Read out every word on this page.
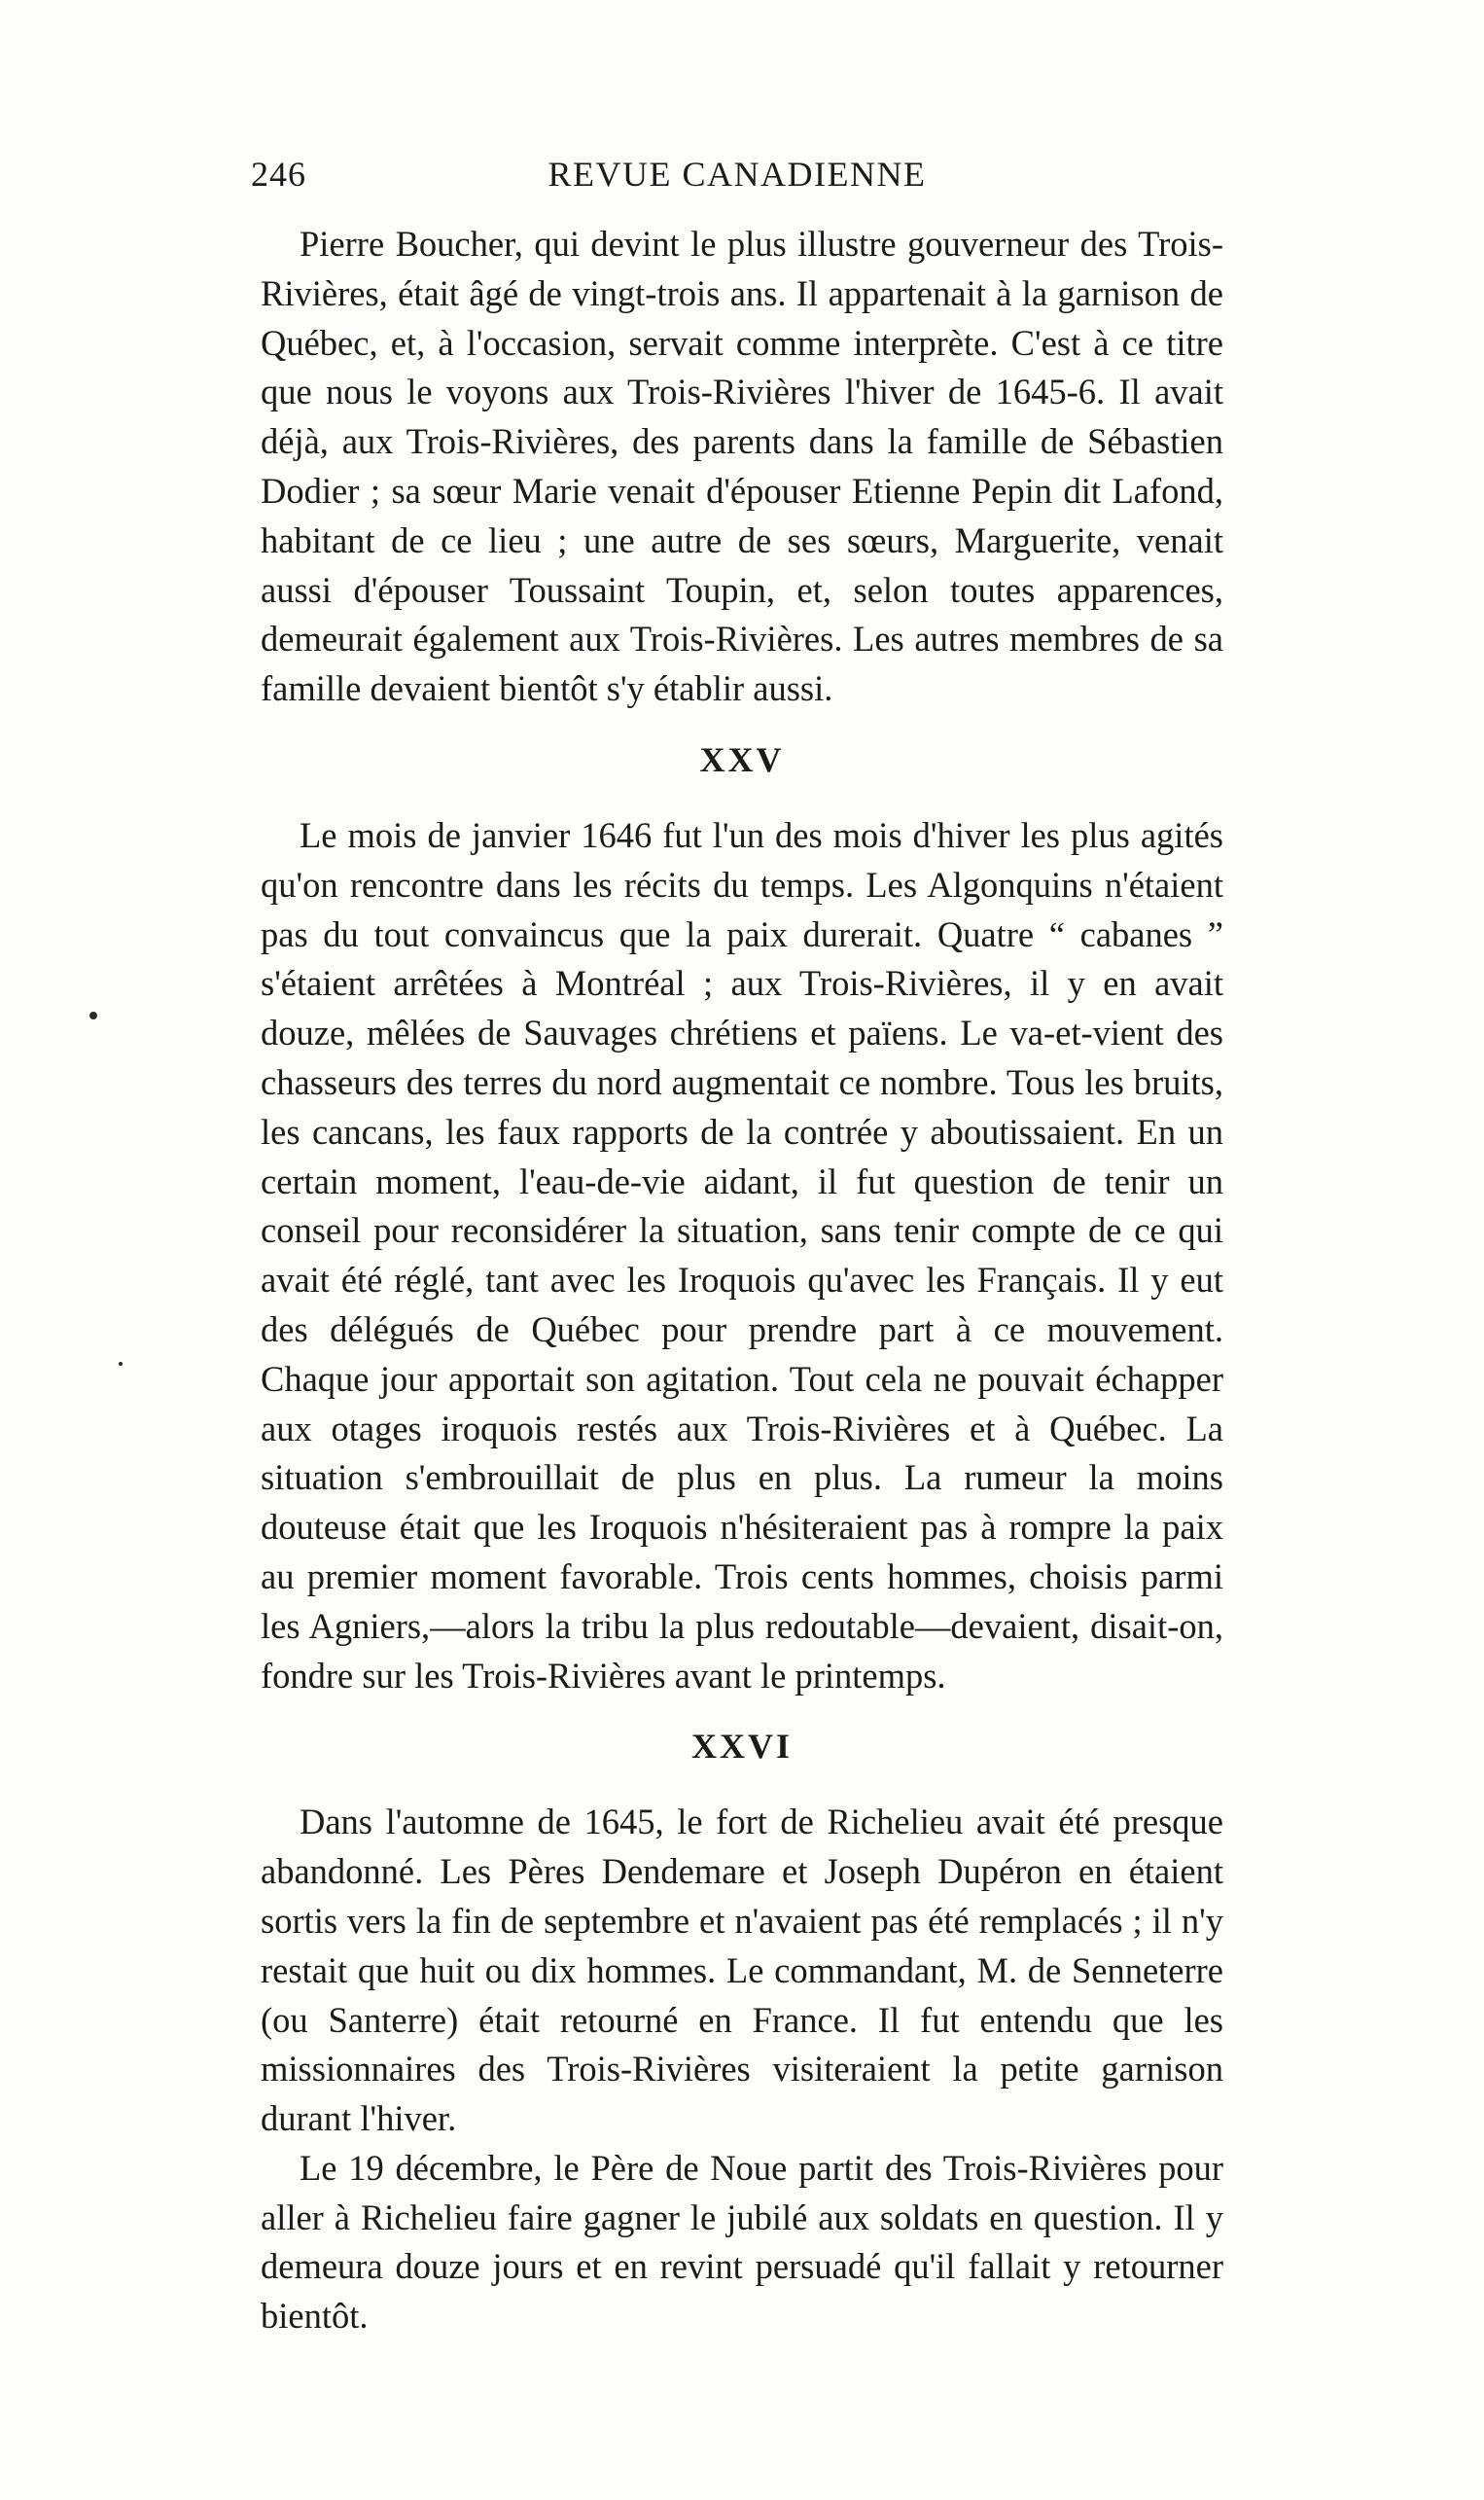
246	REVUE CANADIENNE

Pierre Boucher, qui devint le plus illustre gouverneur des Trois-Rivières, était âgé de vingt-trois ans. Il appartenait à la garnison de Québec, et, à l'occasion, servait comme interprète. C'est à ce titre que nous le voyons aux Trois-Rivières l'hiver de 1645-6. Il avait déjà, aux Trois-Rivières, des parents dans la famille de Sébastien Dodier ; sa sœur Marie venait d'épouser Etienne Pepin dit Lafond, habitant de ce lieu ; une autre de ses sœurs, Marguerite, venait aussi d'épouser Toussaint Toupin, et, selon toutes apparences, demeurait également aux Trois-Rivières. Les autres membres de sa famille devaient bientôt s'y établir aussi.

XXV

Le mois de janvier 1646 fut l'un des mois d'hiver les plus agités qu'on rencontre dans les récits du temps. Les Algonquins n'étaient pas du tout convaincus que la paix durerait. Quatre “ cabanes ” s'étaient arrêtées à Montréal ; aux Trois-Rivières, il y en avait douze, mêlées de Sauvages chrétiens et païens. Le va-et-vient des chasseurs des terres du nord augmentait ce nombre. Tous les bruits, les cancans, les faux rapports de la contrée y aboutissaient. En un certain moment, l'eau-de-vie aidant, il fut question de tenir un conseil pour reconsidérer la situation, sans tenir compte de ce qui avait été réglé, tant avec les Iroquois qu'avec les Français. Il y eut des délégués de Québec pour prendre part à ce mouvement. Chaque jour apportait son agitation. Tout cela ne pouvait échapper aux otages iroquois restés aux Trois-Rivières et à Québec. La situation s'embrouillait de plus en plus. La rumeur la moins douteuse était que les Iroquois n'hésiteraient pas à rompre la paix au premier moment favorable. Trois cents hommes, choisis parmi les Agniers,—alors la tribu la plus redoutable—devaient, disait-on, fondre sur les Trois-Rivières avant le printemps.

XXVI

Dans l'automne de 1645, le fort de Richelieu avait été presque abandonné. Les Pères Dendemare et Joseph Dupéron en étaient sortis vers la fin de septembre et n'avaient pas été remplacés ; il n'y restait que huit ou dix hommes. Le commandant, M. de Senneterre (ou Santerre) était retourné en France. Il fut entendu que les missionnaires des Trois-Rivières visiteraient la petite garnison durant l'hiver.

Le 19 décembre, le Père de Noue partit des Trois-Rivières pour aller à Richelieu faire gagner le jubilé aux soldats en question. Il y demeura douze jours et en revint persuadé qu'il fallait y retourner bientôt.
